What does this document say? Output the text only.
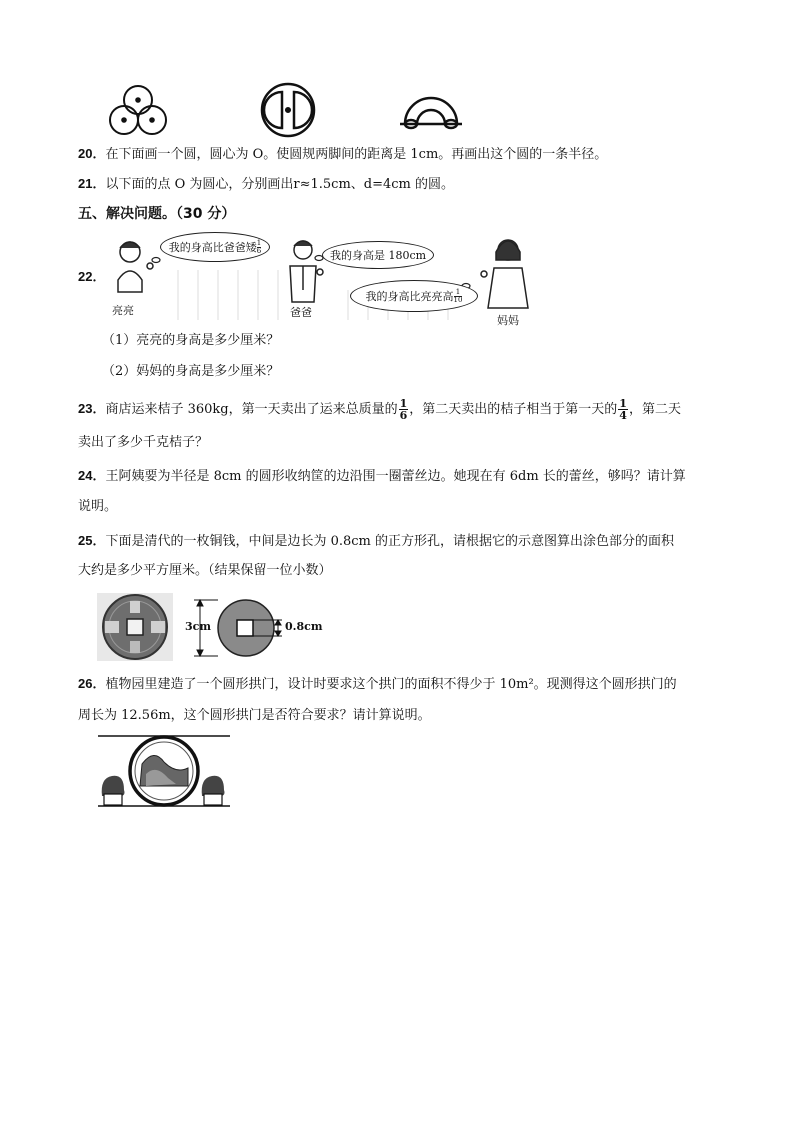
20．在下面画一个圆，圆心为 O。使圆规两脚间的距离是 1cm。再画出这个圆的一条半径。
21．以下面的点 O 为圆心，分别画出r≈1.5cm、d=4cm 的圆。
五、解决问题。（30 分）
22．
我的身高比爸爸矮 $\frac{1}{6}$
我的身高是 180cm
我的身高比亮亮高 $\frac{1}{10}$
亮亮	爸爸
妈妈
（1）亮亮的身高是多少厘米？
（2）妈妈的身高是多少厘米？
23．商店运来桔子 360kg，第一天卖出了运来总质量的 $\frac{1}{6}$ ，第二天卖出的桔子相当于第一天的 $\frac{1}{4}$ ，第二天
卖出了多少千克桔子？
24．王阿姨要为半径是 8cm 的圆形收纳筐的边沿围一圈蕾丝边。她现在有 6dm 长的蕾丝，够吗？请计算
说明。
25．下面是清代的一枚铜钱，中间是边长为 0.8cm 的正方形孔，请根据它的示意图算出涂色部分的面积
大约是多少平方厘米。（结果保留一位小数）
3cm	0.8cm
26．植物园里建造了一个圆形拱门，设计时要求这个拱门的面积不得少于 10m²。现测得这个圆形拱门的
周长为 12.56m，这个圆形拱门是否符合要求？请计算说明。
